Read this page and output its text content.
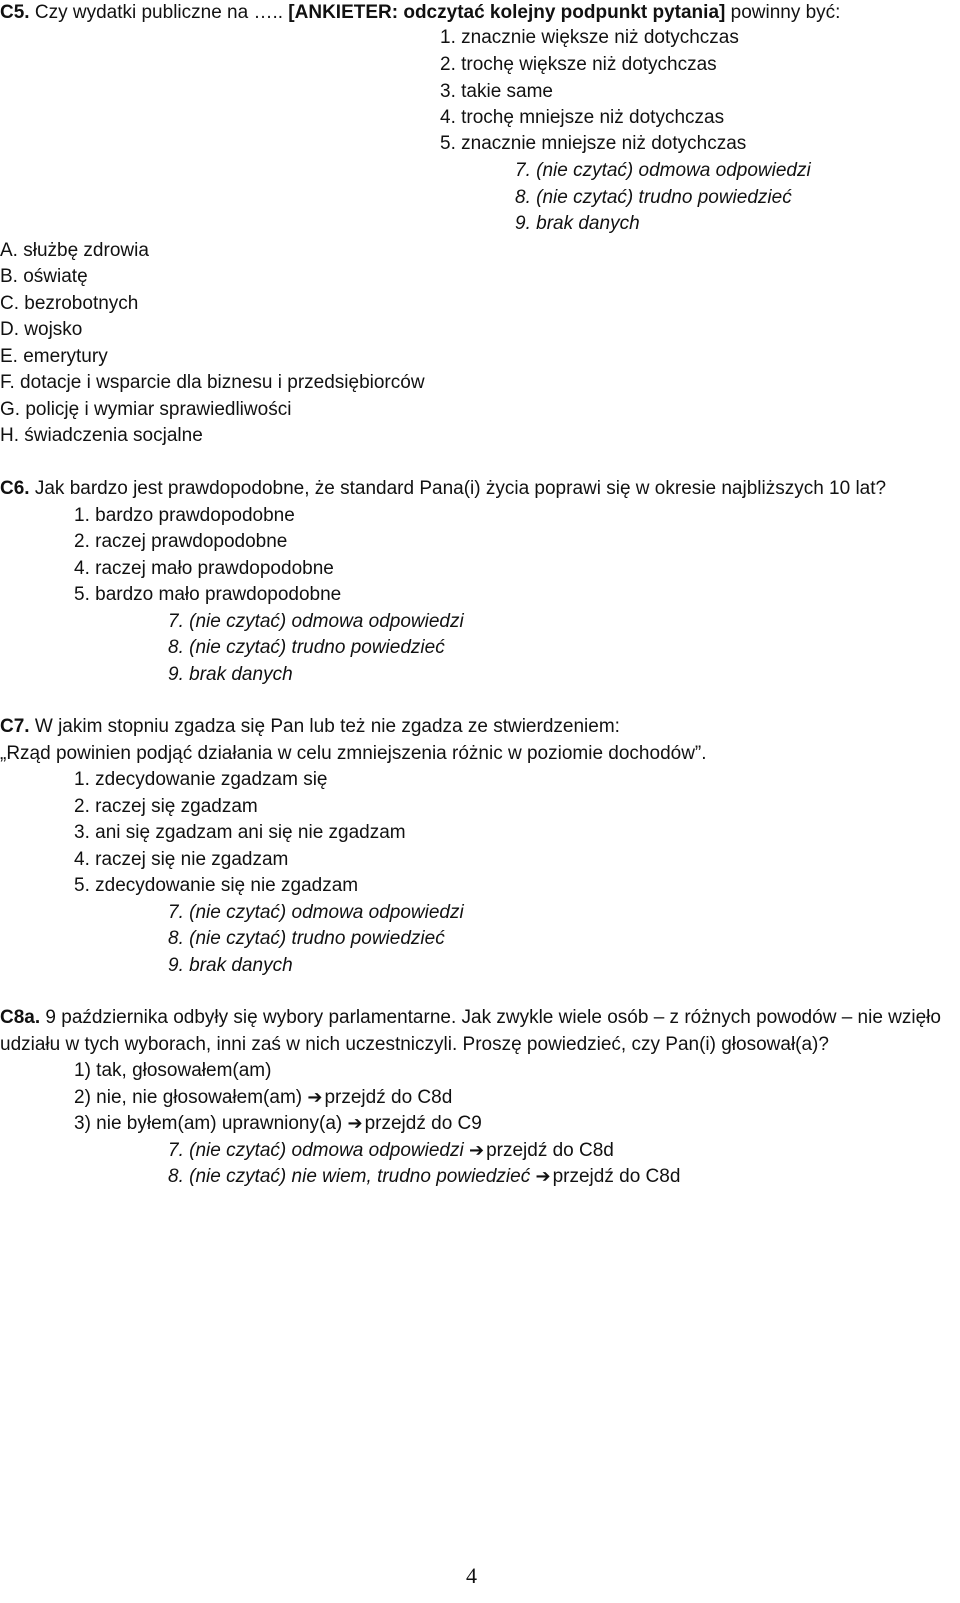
C5. Czy wydatki publiczne na ….. [ANKIETER: odczytać kolejny podpunkt pytania] powinny być:
1. znacznie większe niż dotychczas
2. trochę większe niż dotychczas
3. takie same
4. trochę mniejsze niż dotychczas
5. znacznie mniejsze niż dotychczas
7. (nie czytać) odmowa odpowiedzi
8. (nie czytać) trudno powiedzieć
9. brak danych
A. służbę zdrowia
B. oświatę
C. bezrobotnych
D. wojsko
E. emerytury
F. dotacje i wsparcie dla biznesu i przedsiębiorców
G. policję i wymiar sprawiedliwości
H. świadczenia socjalne
C6. Jak bardzo jest prawdopodobne, że standard Pana(i) życia poprawi się w okresie najbliższych 10 lat?
1. bardzo prawdopodobne
2. raczej prawdopodobne
4. raczej mało prawdopodobne
5. bardzo mało prawdopodobne
7. (nie czytać) odmowa odpowiedzi
8. (nie czytać) trudno powiedzieć
9. brak danych
C7. W jakim stopniu zgadza się Pan lub też nie zgadza ze stwierdzeniem:
„Rząd powinien podjąć działania w celu zmniejszenia różnic w poziomie dochodów”.
1. zdecydowanie zgadzam się
2. raczej się zgadzam
3. ani się zgadzam ani się nie zgadzam
4. raczej się nie zgadzam
5. zdecydowanie się nie zgadzam
7. (nie czytać) odmowa odpowiedzi
8. (nie czytać) trudno powiedzieć
9. brak danych
C8a. 9 października odbyły się wybory parlamentarne. Jak zwykle wiele osób – z różnych powodów – nie wzięło
udziału w tych wyborach, inni zaś w nich uczestniczyli. Proszę powiedzieć, czy Pan(i) głosował(a)?
1) tak, głosowałem(am)
2) nie, nie głosowałem(am) ➔ przejdź do C8d
3) nie byłem(am) uprawniony(a) ➔ przejdź do C9
7. (nie czytać) odmowa odpowiedzi ➔ przejdź do C8d
8. (nie czytać) nie wiem, trudno powiedzieć ➔ przejdź do C8d
4
